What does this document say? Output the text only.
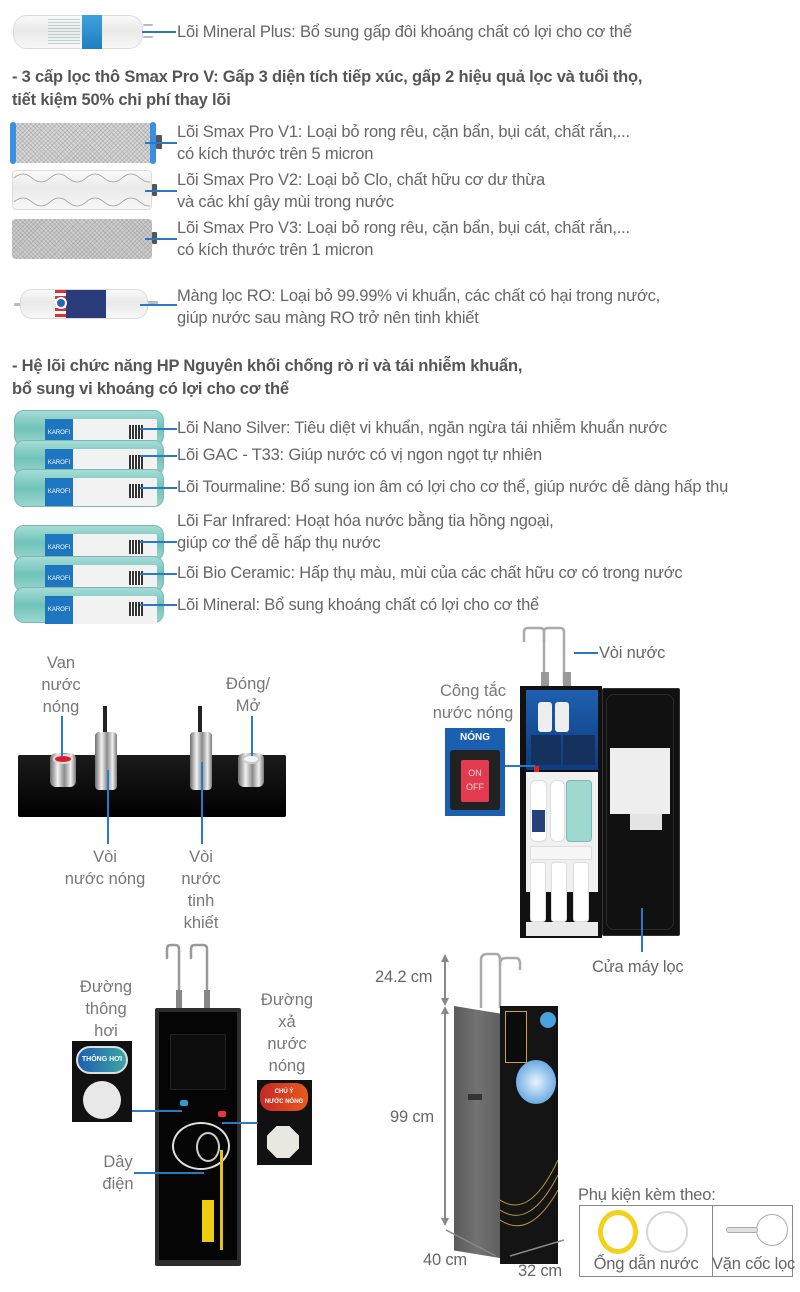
Lõi Mineral Plus: Bổ sung gấp đôi khoáng chất có lợi cho cơ thể
- 3 cấp lọc thô Smax Pro V: Gấp 3 diện tích tiếp xúc, gấp 2 hiệu quả lọc và tuổi thọ,
tiết kiệm 50% chi phí thay lõi
Lõi Smax Pro V1: Loại bỏ rong rêu, cặn bẩn, bụi cát, chất rắn,...
có kích thước trên 5 micron
Lõi Smax Pro V2: Loại bỏ Clo, chất hữu cơ dư thừa
và các khí gây mùi trong nước
Lõi Smax Pro V3: Loại bỏ rong rêu, cặn bẩn, bụi cát, chất rắn,...
có kích thước trên 1 micron
Màng lọc RO: Loại bỏ 99.99% vi khuẩn, các chất có hại trong nước,
giúp nước sau màng RO trở nên tinh khiết
- Hệ lõi chức năng HP Nguyên khối chống rò rỉ và tái nhiễm khuẩn,
bổ sung vi khoáng có lợi cho cơ thể
KAROFI
KAROFI
KAROFI
KAROFI
KAROFI
KAROFI
Lõi Nano Silver: Tiêu diệt vi khuẩn, ngăn ngừa tái nhiễm khuẩn nước
Lõi GAC - T33: Giúp nước có vị ngon ngọt tự nhiên
Lõi Tourmaline: Bổ sung ion âm có lợi cho cơ thể, giúp nước dễ dàng hấp thụ
Lõi Far Infrared: Hoạt hóa nước bằng tia hồng ngoại,
giúp cơ thể dễ hấp thụ nước
Lõi Bio Ceramic: Hấp thụ màu, mùi của các chất hữu cơ có trong nước
Lõi Mineral: Bổ sung khoáng chất có lợi cho cơ thể
Van
nước
nóng
Đóng/
Mở
Vòi
nước nóng
Vòi
nước
tinh
khiết
Vòi nước
Công tắc
nước nóng
NÓNG
ON
OFF
Cửa máy lọc
Đường
thông
hơi
THÔNG HƠI
Đường
xả
nước
nóng
CHÚ Ý
NƯỚC NÓNG
Dây
điện
24.2 cm
99 cm
40 cm
32 cm
Phụ kiện kèm theo:
Ống dẫn nước Vặn cốc lọc
